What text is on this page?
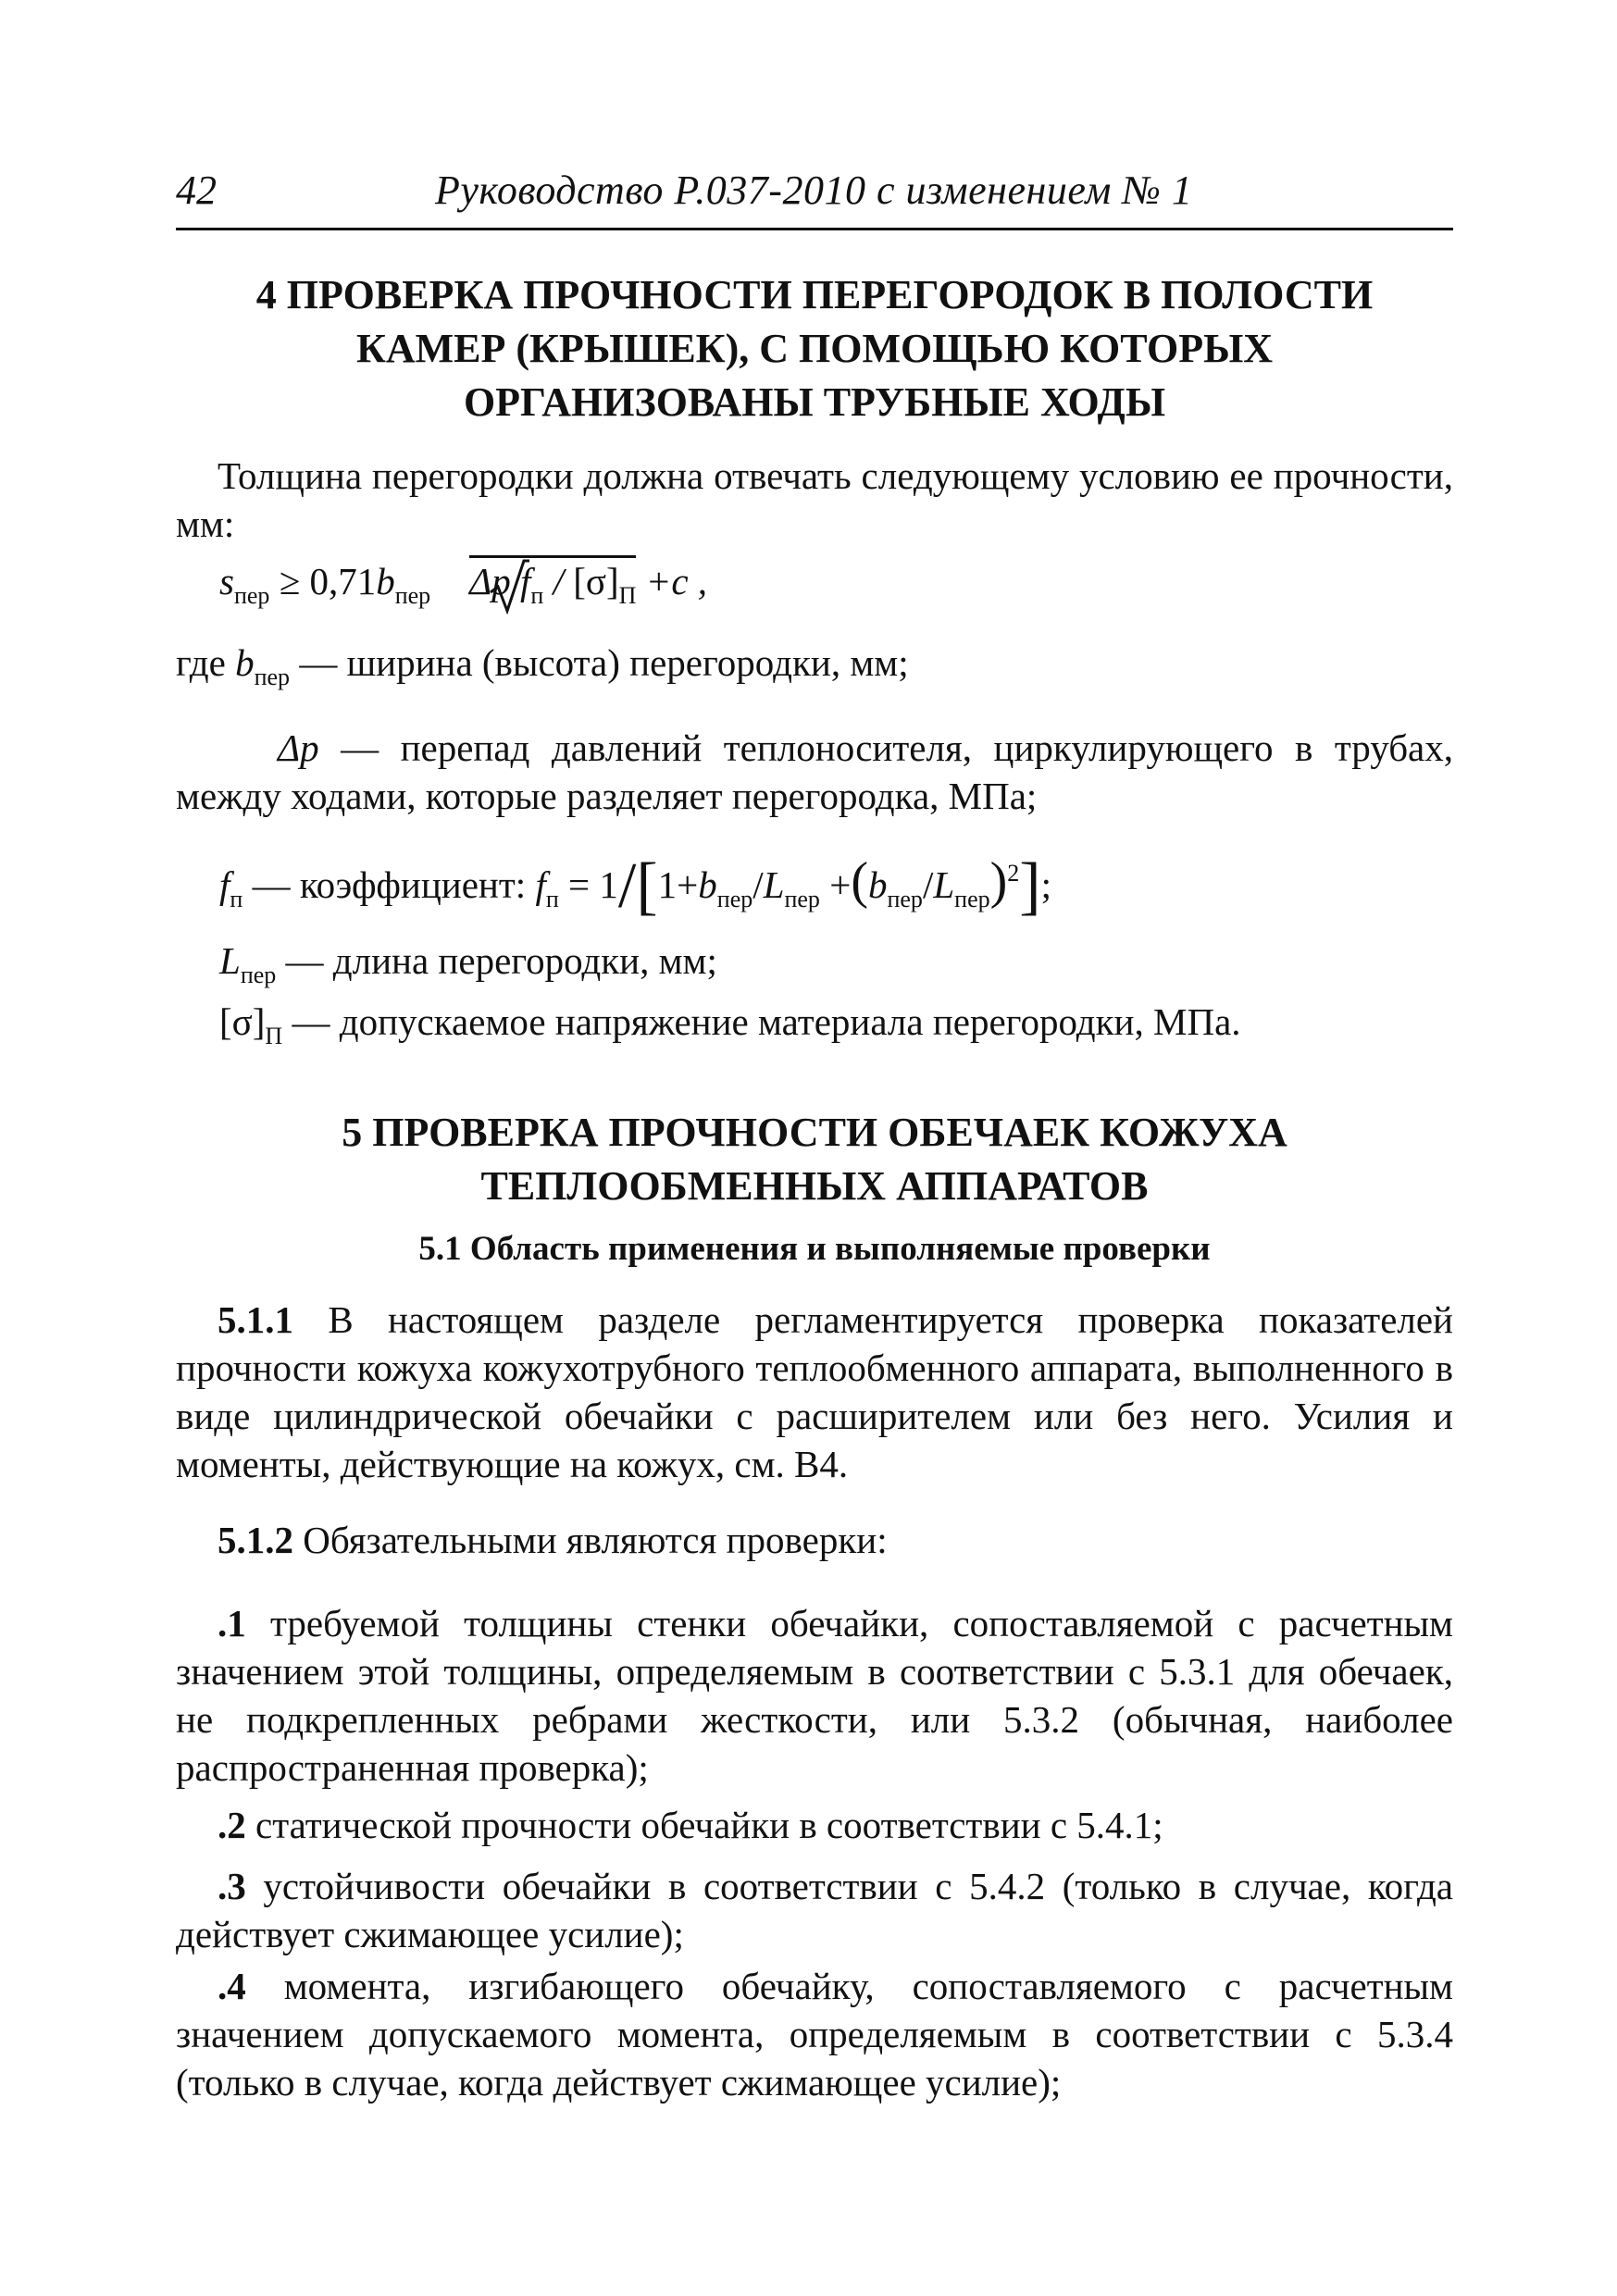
42	Руководство Р.037-2010 с изменением № 1
4 ПРОВЕРКА ПРОЧНОСТИ ПЕРЕГОРОДОК В ПОЛОСТИ
КАМЕР (КРЫШЕК), С ПОМОЩЬЮ КОТОРЫХ
ОРГАНИЗОВАНЫ ТРУБНЫЕ ХОДЫ
Толщина перегородки должна отвечать следующему условию ее прочности, мм:
$s_{пер} \ge 0,71b_{пер}$ Δp $f_п / [\sigma]_П +c$ ,
где $b_{пер}$ — ширина (высота) перегородки, мм;
Δp — перепад давлений теплоносителя, циркулирующего в трубах, между ходами, которые разделяет перегородка, МПа;
$f_п$ — коэффициент: $f_п = 1/[1+b_{пер}/L_{пер} +(b_{пер}/L_{пер})^2]$;
$L_{пер}$ — длина перегородки, мм;
$[\sigma]_П$ — допускаемое напряжение материала перегородки, МПа.
5 ПРОВЕРКА ПРОЧНОСТИ ОБЕЧАЕК КОЖУХА
ТЕПЛООБМЕННЫХ АППАРАТОВ
5.1 Область применения и выполняемые проверки
5.1.1 В настоящем разделе регламентируется проверка показателей прочности кожуха кожухотрубного теплообменного аппарата, выполненного в виде цилиндрической обечайки с расширителем или без него. Усилия и моменты, действующие на кожух, см. В4.
5.1.2 Обязательными являются проверки:
.1 требуемой толщины стенки обечайки, сопоставляемой с расчетным значением этой толщины, определяемым в соответствии с 5.3.1 для обечаек, не подкрепленных ребрами жесткости, или 5.3.2 (обычная, наиболее распространенная проверка);
.2 статической прочности обечайки в соответствии с 5.4.1;
.3 устойчивости обечайки в соответствии с 5.4.2 (только в случае, когда действует сжимающее усилие);
.4 момента, изгибающего обечайку, сопоставляемого с расчетным значением допускаемого момента, определяемым в соответствии с 5.3.4 (только в случае, когда действует сжимающее усилие);
